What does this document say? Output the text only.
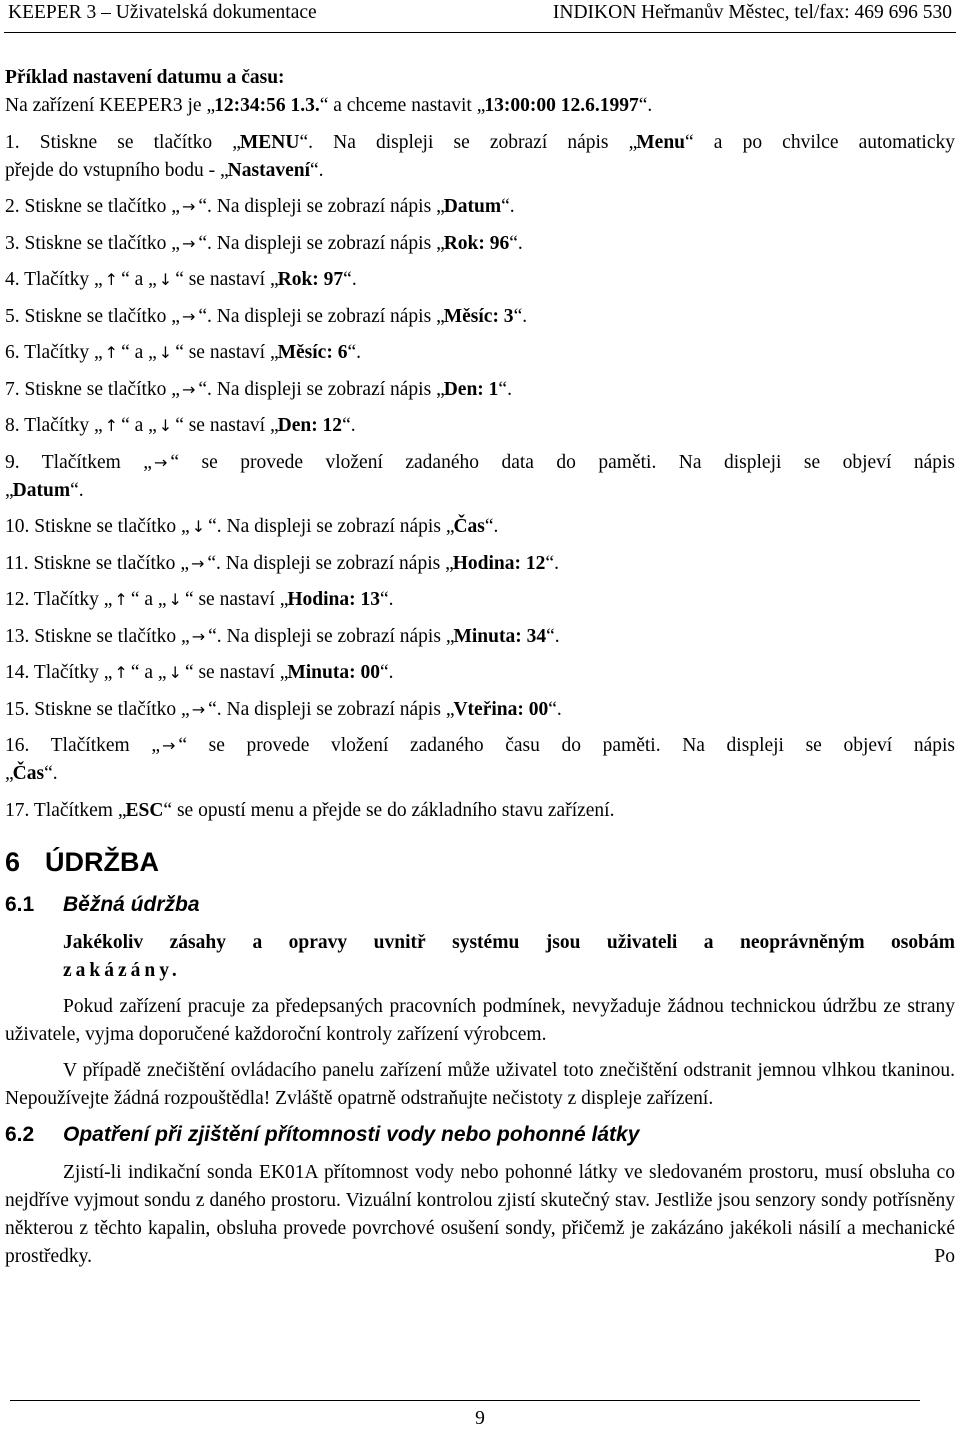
KEEPER 3 – Uživatelská dokumentace	INDIKON Heřmanův Městec, tel/fax: 469 696 530
Příklad nastavení datumu a času:
Na zařízení KEEPER3 je „12:34:56 1.3.“ a chceme nastavit „13:00:00 12.6.1997“.
1. Stiskne se tlačítko „MENU“. Na displeji se zobrazí nápis „Menu“ a po chvilce automaticky
přejde do vstupního bodu - „Nastavení“.
2. Stiskne se tlačítko „ → “. Na displeji se zobrazí nápis „Datum“.
3. Stiskne se tlačítko „ → “. Na displeji se zobrazí nápis „Rok: 96“.
4. Tlačítky „ ↑ “ a „ ↓ “ se nastaví „Rok: 97“.
5. Stiskne se tlačítko „ → “. Na displeji se zobrazí nápis „Měsíc: 3“.
6. Tlačítky „ ↑ “ a „ ↓ “ se nastaví „Měsíc: 6“.
7. Stiskne se tlačítko „ → “. Na displeji se zobrazí nápis „Den: 1“.
8. Tlačítky „ ↑ “ a „ ↓ “ se nastaví „Den: 12“.
9. Tlačítkem „ → “ se provede vložení zadaného data do paměti. Na displeji se objeví nápis
„Datum“.
10. Stiskne se tlačítko „ ↓ “. Na displeji se zobrazí nápis „Čas“.
11. Stiskne se tlačítko „ → “. Na displeji se zobrazí nápis „Hodina: 12“.
12. Tlačítky „ ↑ “ a „ ↓ “ se nastaví „Hodina: 13“.
13. Stiskne se tlačítko „ → “. Na displeji se zobrazí nápis „Minuta: 34“.
14. Tlačítky „ ↑ “ a „ ↓ “ se nastaví „Minuta: 00“.
15. Stiskne se tlačítko „ → “. Na displeji se zobrazí nápis „Vteřina: 00“.
16. Tlačítkem „ → “ se provede vložení zadaného času do paměti. Na displeji se objeví nápis
„Čas“.
17. Tlačítkem „ESC“ se opustí menu a přejde se do základního stavu zařízení.
6 ÚDRŽBA
6.1 Běžná údržba
Jakékoliv zásahy a opravy uvnitř systému jsou uživateli a neoprávněným osobám
zakázány.
Pokud zařízení pracuje za předepsaných pracovních podmínek, nevyžaduje žádnou technickou údržbu ze strany uživatele, vyjma doporučené každoroční kontroly zařízení výrobcem.
V případě znečištění ovládacího panelu zařízení může uživatel toto znečištění odstranit jemnou vlhkou tkaninou. Nepoužívejte žádná rozpouštědla! Zvláště opatrně odstraňujte nečistoty z displeje zařízení.
6.2 Opatření při zjištění přítomnosti vody nebo pohonné látky
Zjistí-li indikační sonda EK01A přítomnost vody nebo pohonné látky ve sledovaném prostoru, musí obsluha co nejdříve vyjmout sondu z daného prostoru. Vizuální kontrolou zjistí skutečný stav. Jestliže jsou senzory sondy potřísněny některou z těchto kapalin, obsluha provede povrchové osušení sondy, přičemž je zakázáno jakékoli násilí a mechanické prostředky. Po
9
